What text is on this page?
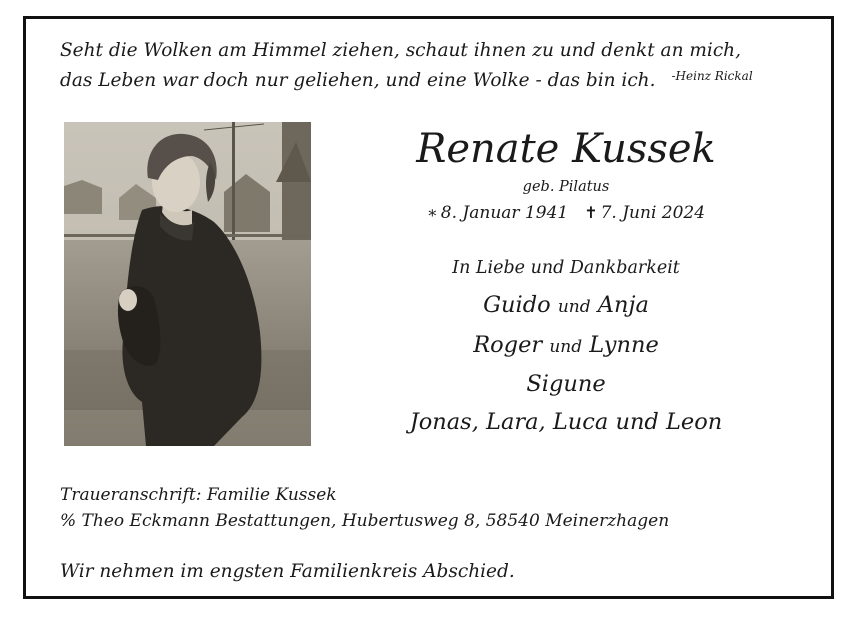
Seht die Wolken am Himmel ziehen, schaut ihnen zu und denkt an mich,
das Leben war doch nur geliehen, und eine Wolke - das bin ich. $^{-Heinz Rickal}$
Renate Kussek
geb. Pilatus
∗ 8. Januar 1941 ✝ 7. Juni 2024
In Liebe und Dankbarkeit
Guido und Anja
Roger und Lynne
Sigune
Jonas, Lara, Luca und Leon
Traueranschrift: Familie Kussek
% Theo Eckmann Bestattungen, Hubertusweg 8, 58540 Meinerzhagen
Wir nehmen im engsten Familienkreis Abschied.
